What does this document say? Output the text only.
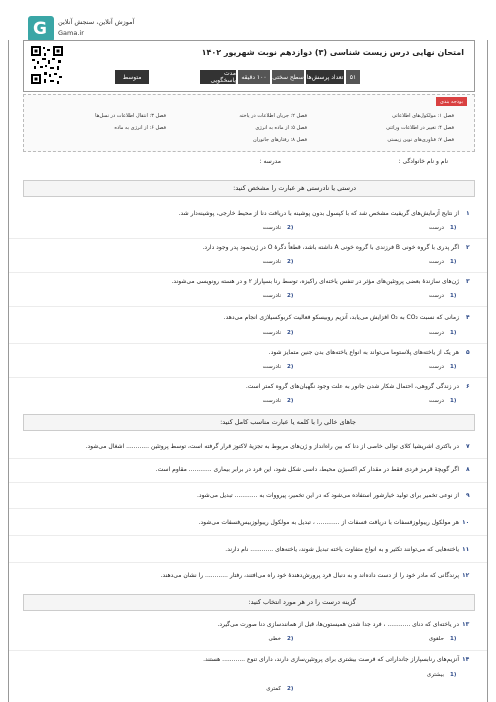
G آموزش آنلاین، سنجش آنلاین
Gama.ir
امتحان نهایی درس زیست شناسی (۳) دوازدهم نوبت شهریور ۱۴۰۲
تعداد پرسش‌ها	۵۱
مدت پاسخگویی ۱۰۰ دقیقه سطح سختی
متوسط
بودجه بندی
فصل ۱: مولکول‌های اطلاعاتی
فصل ۲: جریان اطلاعات در یاخته
فصل ۳: انتقال اطلاعات در نسل‌ها
فصل ۴: تغییر در اطلاعات وراثتی
فصل ۵: از ماده به انرژی
فصل ۶: از انرژی به ماده
فصل ۷: فناوری‌های نوین زیستی
فصل ۸: رفتارهای جانوران
نام و نام خانوادگی :
مدرسه :
درستی یا نادرستی هر عبارت را مشخص کنید:
۱
از نتایج آزمایش‌های گریفیت مشخص شد که با کپسول بدون پوشینه با دریافت دنا از محیط خارجی، پوشینه‌دار شد.
1)
درست
2)
نادرست
۲
اگر پدری با گروه خونی B فرزندی با گروه خونی A داشته باشد، قطعاً دگرهٔ O در ژن‌نمود پدر وجود دارد.
1)
درست
2)
نادرست
۳
ژن‌های سازندهٔ بعضی پروتئین‌های مؤثر در تنفس یاخته‌ای راکیزه، توسط رنا بسپاراز ۲ و در هسته رونویسی می‌شوند.
1)
درست
2)
نادرست
۴
زمانی که نسبت CO₂ به O₂ افزایش می‌یابد، آنزیم روبیسکو فعالیت کربوکسیلازی انجام می‌دهد.
1)
درست
2)
نادرست
۵
هر یک از یاخته‌های پلاستوما می‌تواند به انواع یاخته‌های بدن جنین متمایز شود.
1)
درست
2)
نادرست
۶
در زندگی گروهی، احتمال شکار شدن جانور به علت وجود نگهبان‌های گروه کمتر است.
1)
درست
2)
نادرست
جاهای خالی را با کلمه یا عبارت مناسب کامل کنید:
۷
در باکتری اشریشیا کلای توالی خاصی از دنا که بین راه‌انداز و ژن‌های مربوط به تجزیهٔ لاکتوز قرار گرفته است، توسط پروتئین ............ اشغال می‌شود.
۸
اگر گویچهٔ قرمز فردی فقط در مقدار کم اکسیژن محیط، داسی شکل شود، این فرد در برابر بیماری ............ مقاوم است.
۹
از نوعی تخمیر برای تولید خیارشور استفاده می‌شود که در این تخمیر، پیرووات به ............ تبدیل می‌شود.
۱۰
هر مولکول ریبولوزفسفات با دریافت فسفات از ............ ، تبدیل به مولکول ریبولوزبیس‌فسفات می‌شود.
۱۱
یاخته‌هایی که می‌توانند تکثیر و به انواع متفاوت یاخته تبدیل شوند، یاخته‌های ............ نام دارند.
۱۲
پرندگانی که مادر خود را از دست داده‌اند و به دنبال فرد پرورش‌دهندهٔ خود راه می‌افتند، رفتار ............ را نشان می‌دهند.
گزینه درست را در هر مورد انتخاب کنید:
۱۳
در یاخته‌ای که دنای ............ ، فرد جدا شدن همیستون‌ها، قبل از همانندسازی دنا صورت می‌گیرد.
1)
حلقوی
2)
خطی
۱۴
آنزیم‌های رنابسپاراز جانداراتی که فرصت بیشتری برای پروتئین‌سازی دارند، دارای تنوع ............ هستند.
1)
بیشتری
2)
کمتری
